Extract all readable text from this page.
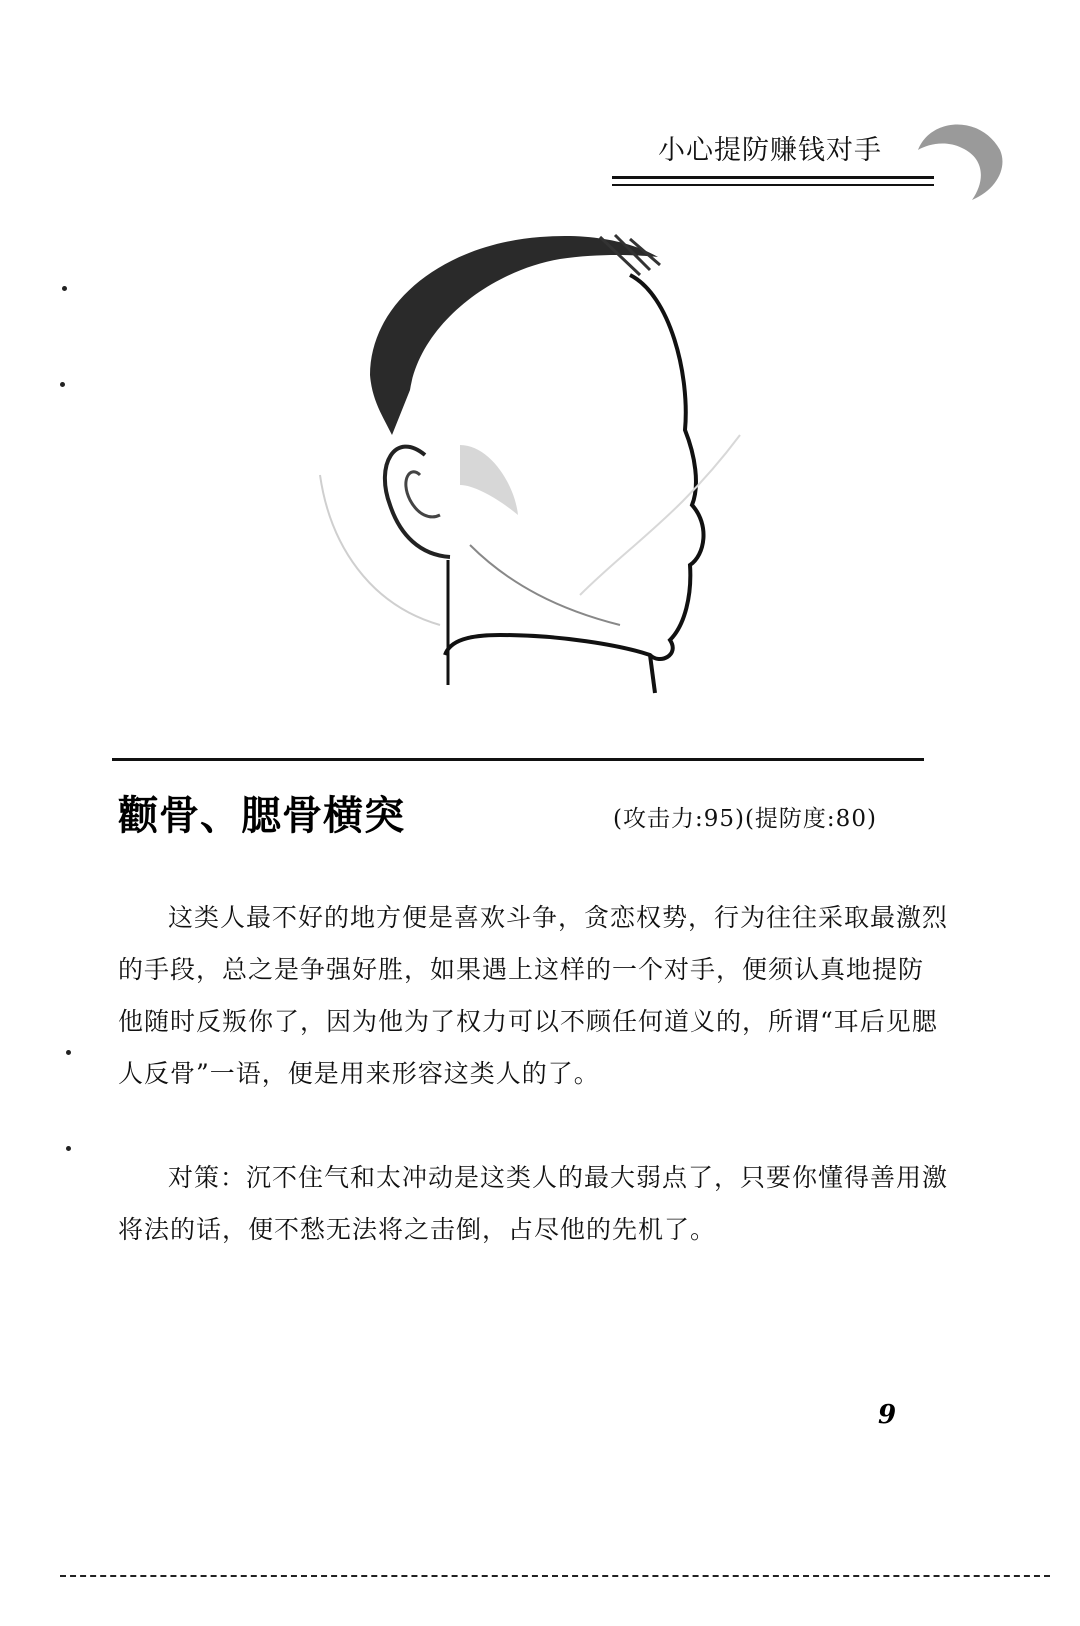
小心提防赚钱对手
颧骨、腮骨横突	(攻击力:95)(提防度:80)

这类人最不好的地方便是喜欢斗争，贪恋权势，行为往往采取最激烈的手段，总之是争强好胜，如果遇上这样的一个对手，便须认真地提防他随时反叛你了，因为他为了权力可以不顾任何道义的，所谓“耳后见腮人反骨”一语，便是用来形容这类人的了。

对策：沉不住气和太冲动是这类人的最大弱点了，只要你懂得善用激将法的话，便不愁无法将之击倒，占尽他的先机了。

9
